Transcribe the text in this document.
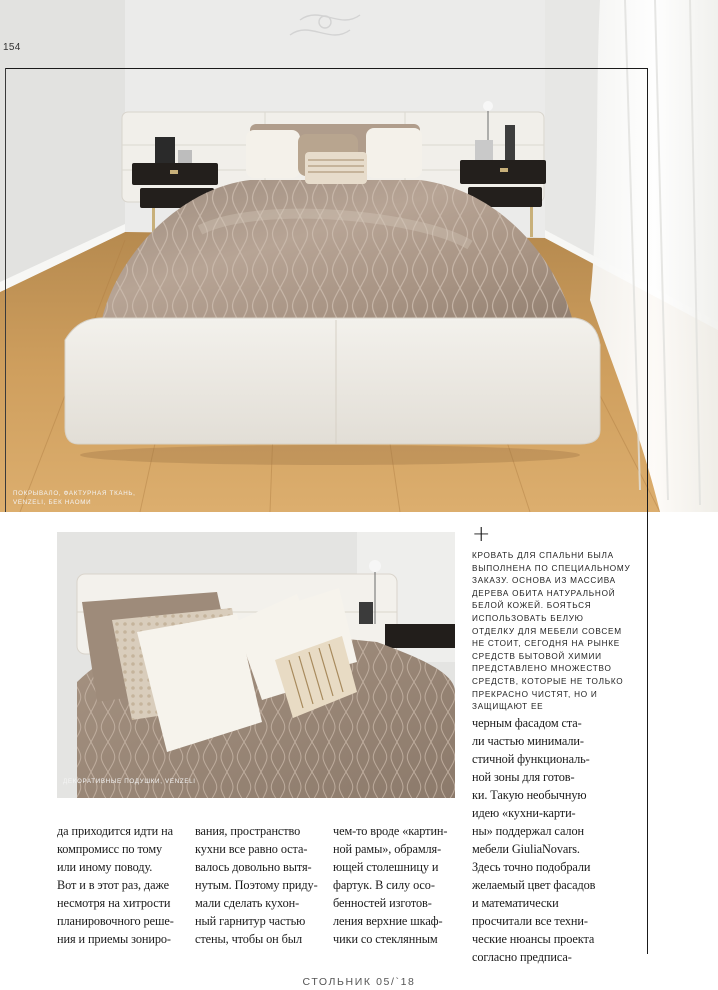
ПОКРЫВАЛО, ФАКТУРНАЯ ТКАНЬ,
VENZELI, БЕК НАОМИ
154
ДЕКОРАТИВНЫЕ ПОДУШКИ, VENZELI
+
КРОВАТЬ ДЛЯ СПАЛЬНИ БЫЛА
ВЫПОЛНЕНА ПО СПЕЦИАЛЬНОМУ
ЗАКАЗУ. ОСНОВА ИЗ МАССИВА
ДЕРЕВА ОБИТА НАТУРАЛЬНОЙ
БЕЛОЙ КОЖЕЙ. БОЯТЬСЯ
ИСПОЛЬЗОВАТЬ БЕЛУЮ
ОТДЕЛКУ ДЛЯ МЕБЕЛИ СОВСЕМ
НЕ СТОИТ, СЕГОДНЯ НА РЫНКЕ
СРЕДСТВ БЫТОВОЙ ХИМИИ
ПРЕДСТАВЛЕНО МНОЖЕСТВО
СРЕДСТВ, КОТОРЫЕ НЕ ТОЛЬКО
ПРЕКРАСНО ЧИСТЯТ, НО И
ЗАЩИЩАЮТ ЕЕ
да приходится идти на
компромисс по тому
или иному поводу.
Вот и в этот раз, даже
несмотря на хитрости
планировочного реше-
ния и приемы зониро-
вания, пространство
кухни все равно оста-
валось довольно вытя-
нутым. Поэтому приду-
мали сделать кухон-
ный гарнитур частью
стены, чтобы он был
чем-то вроде «картин-
ной рамы», обрамля-
ющей столешницу и
фартук. В силу осо-
бенностей изготов-
ления верхние шкаф-
чики со стеклянным
черным фасадом ста-
ли частью минимали-
стичной функциональ-
ной зоны для готов-
ки. Такую необычную
идею «кухни-карти-
ны» поддержал салон
мебели GiuliaNovars.
Здесь точно подобрали
желаемый цвет фасадов
и математически
просчитали все техни-
ческие нюансы проекта
согласно предписа-
СТОЛЬНИК 05/`18
